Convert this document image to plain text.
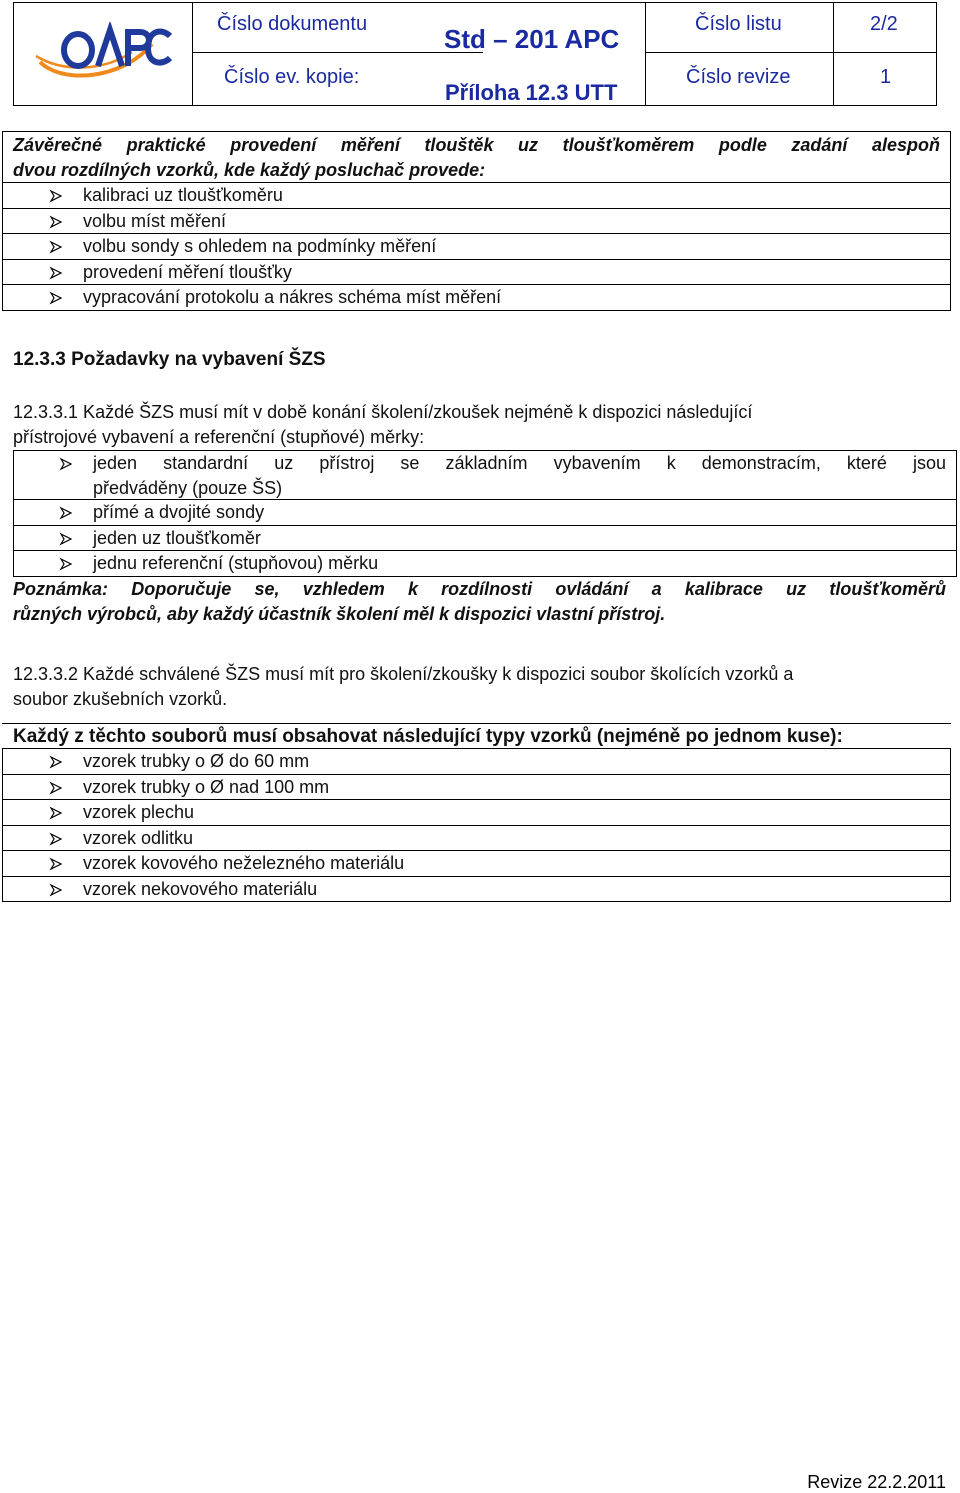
Číslo dokumentu
Číslo ev. kopie:
Std – 201 APC
Příloha 12.3 UTT
Číslo listu	2/2
Číslo revize	1
Závěrečné praktické provedení měření tlouštěk uz tloušťkoměrem podle zadání alespoň
dvou rozdílných vzorků, kde každý posluchač provede:
kalibraci uz tloušťkoměru
volbu míst měření
volbu sondy s ohledem na podmínky měření
provedení měření tloušťky
vypracování protokolu a nákres schéma míst měření
12.3.3 Požadavky na vybavení ŠZS
12.3.3.1 Každé ŠZS musí mít v době konání školení/zkoušek nejméně k dispozici následující
přístrojové vybavení a referenční (stupňové) měrky:
jeden standardní uz přístroj se základním vybavením k demonstracím, které jsou
předváděny (pouze ŠS)
přímé a dvojité sondy
jeden uz tloušťkoměr
jednu referenční (stupňovou) měrku
Poznámka: Doporučuje se, vzhledem k rozdílnosti ovládání a kalibrace uz tloušťkoměrů
různých výrobců, aby každý účastník školení měl k dispozici vlastní přístroj.
12.3.3.2 Každé schválené ŠZS musí mít pro školení/zkoušky k dispozici soubor školících vzorků a
soubor zkušebních vzorků.
Každý z těchto souborů musí obsahovat následující typy vzorků (nejméně po jednom kuse):
vzorek trubky o Ø do 60 mm
vzorek trubky o Ø nad 100 mm
vzorek plechu
vzorek odlitku
vzorek kovového neželezného materiálu
vzorek nekovového materiálu
Revize 22.2.2011
